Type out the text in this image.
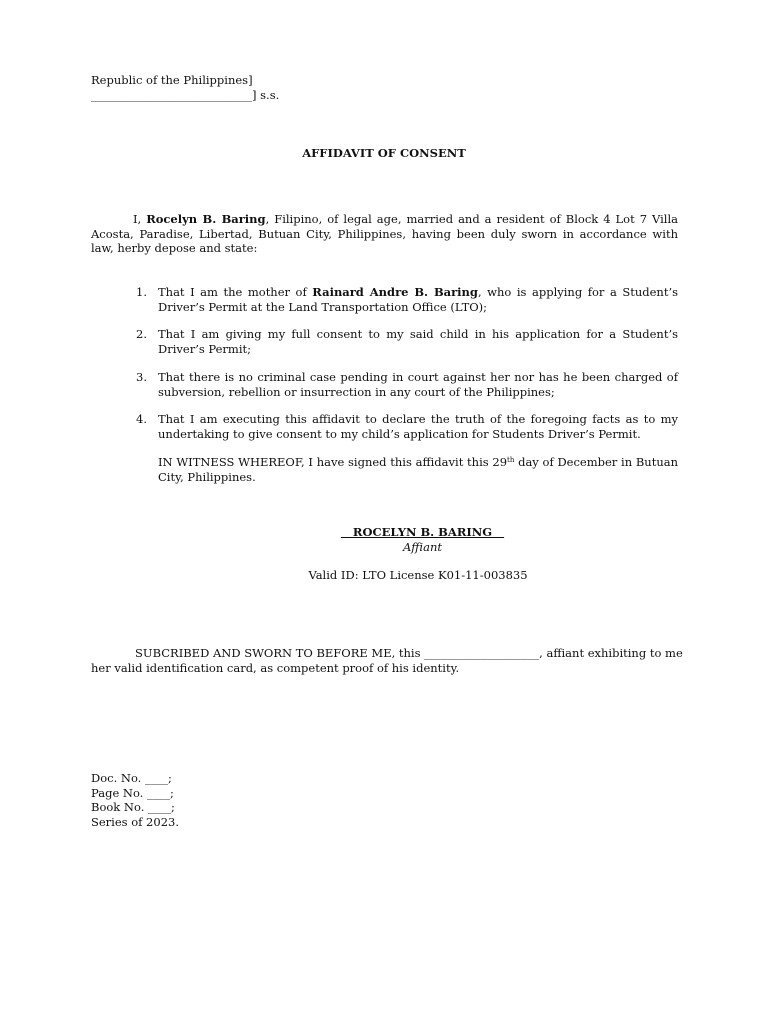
Republic of the Philippines]
____________________________] s.s.
AFFIDAVIT OF CONSENT
I, Rocelyn B. Baring, Filipino, of legal age, married and a resident of Block 4 Lot 7 Villa Acosta, Paradise, Libertad, Butuan City, Philippines, having been duly sworn in accordance with law, herby depose and state:
1. That I am the mother of Rainard Andre B. Baring, who is applying for a Student’s Driver’s Permit at the Land Transportation Office (LTO);
2. That I am giving my full consent to my said child in his application for a Student’s Driver’s Permit;
3. That there is no criminal case pending in court against her nor has he been charged of subversion, rebellion or insurrection in any court of the Philippines;
4. That I am executing this affidavit to declare the truth of the foregoing facts as to my undertaking to give consent to my child’s application for Students Driver’s Permit.
IN WITNESS WHEREOF, I have signed this affidavit this 29th day of December in Butuan City, Philippines.
ROCELYN B. BARING
Affiant
Valid ID: LTO License K01-11-003835
SUBCRIBED AND SWORN TO BEFORE ME, this ____________________, affiant exhibiting to me
her valid identification card, as competent proof of his identity.
Doc. No. ____;
Page No. ____;
Book No. ____;
Series of 2023.
